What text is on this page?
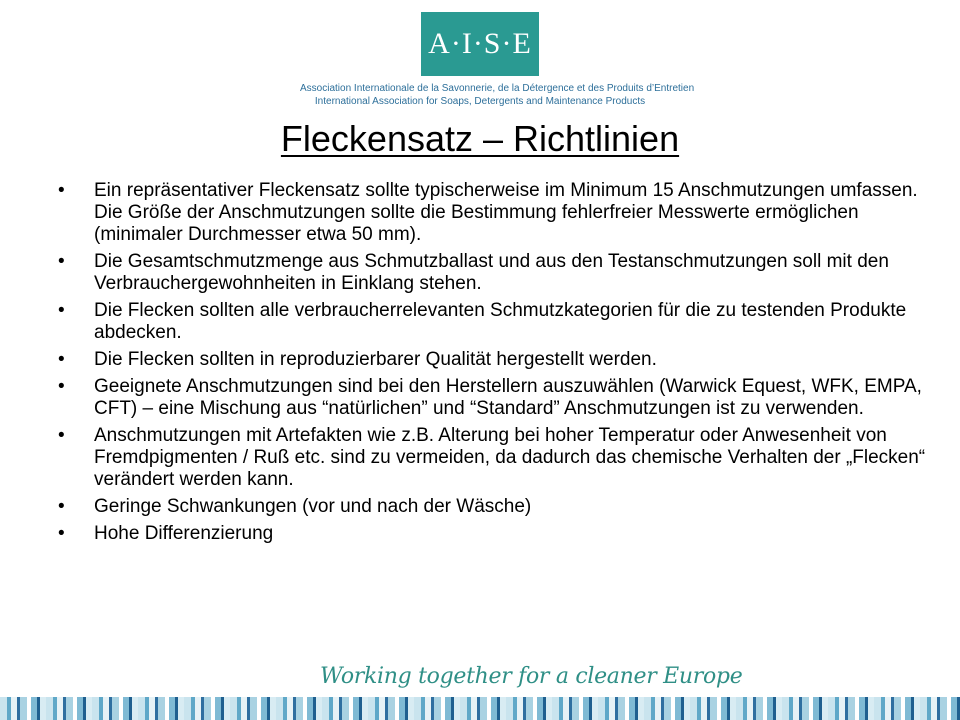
A·I·S·E
Association Internationale de la Savonnerie, de la Détergence et des Produits d’Entretien
International Association for Soaps, Detergents and Maintenance Products
Fleckensatz – Richtlinien
• Ein repräsentativer Fleckensatz sollte typischerweise im Minimum 15 Anschmutzungen umfassen. Die Größe der Anschmutzungen sollte die Bestimmung fehlerfreier Messwerte ermöglichen (minimaler Durchmesser etwa 50 mm).
• Die Gesamtschmutzmenge aus Schmutzballast und aus den Testanschmutzungen soll mit den Verbrauchergewohnheiten in Einklang stehen.
• Die Flecken sollten alle verbraucherrelevanten Schmutzkategorien für die zu testenden Produkte abdecken.
• Die Flecken sollten in reproduzierbarer Qualität hergestellt werden.
• Geeignete Anschmutzungen sind bei den Herstellern auszuwählen (Warwick Equest, WFK, EMPA, CFT) – eine Mischung aus “natürlichen” und “Standard” Anschmutzungen ist zu verwenden.
• Anschmutzungen mit Artefakten wie z.B. Alterung bei hoher Temperatur oder Anwesenheit von Fremdpigmenten / Ruß etc. sind zu vermeiden, da dadurch das chemische Verhalten der „Flecken“ verändert werden kann.
• Geringe Schwankungen (vor und nach der Wäsche)
• Hohe Differenzierung
Working together for a cleaner Europe
